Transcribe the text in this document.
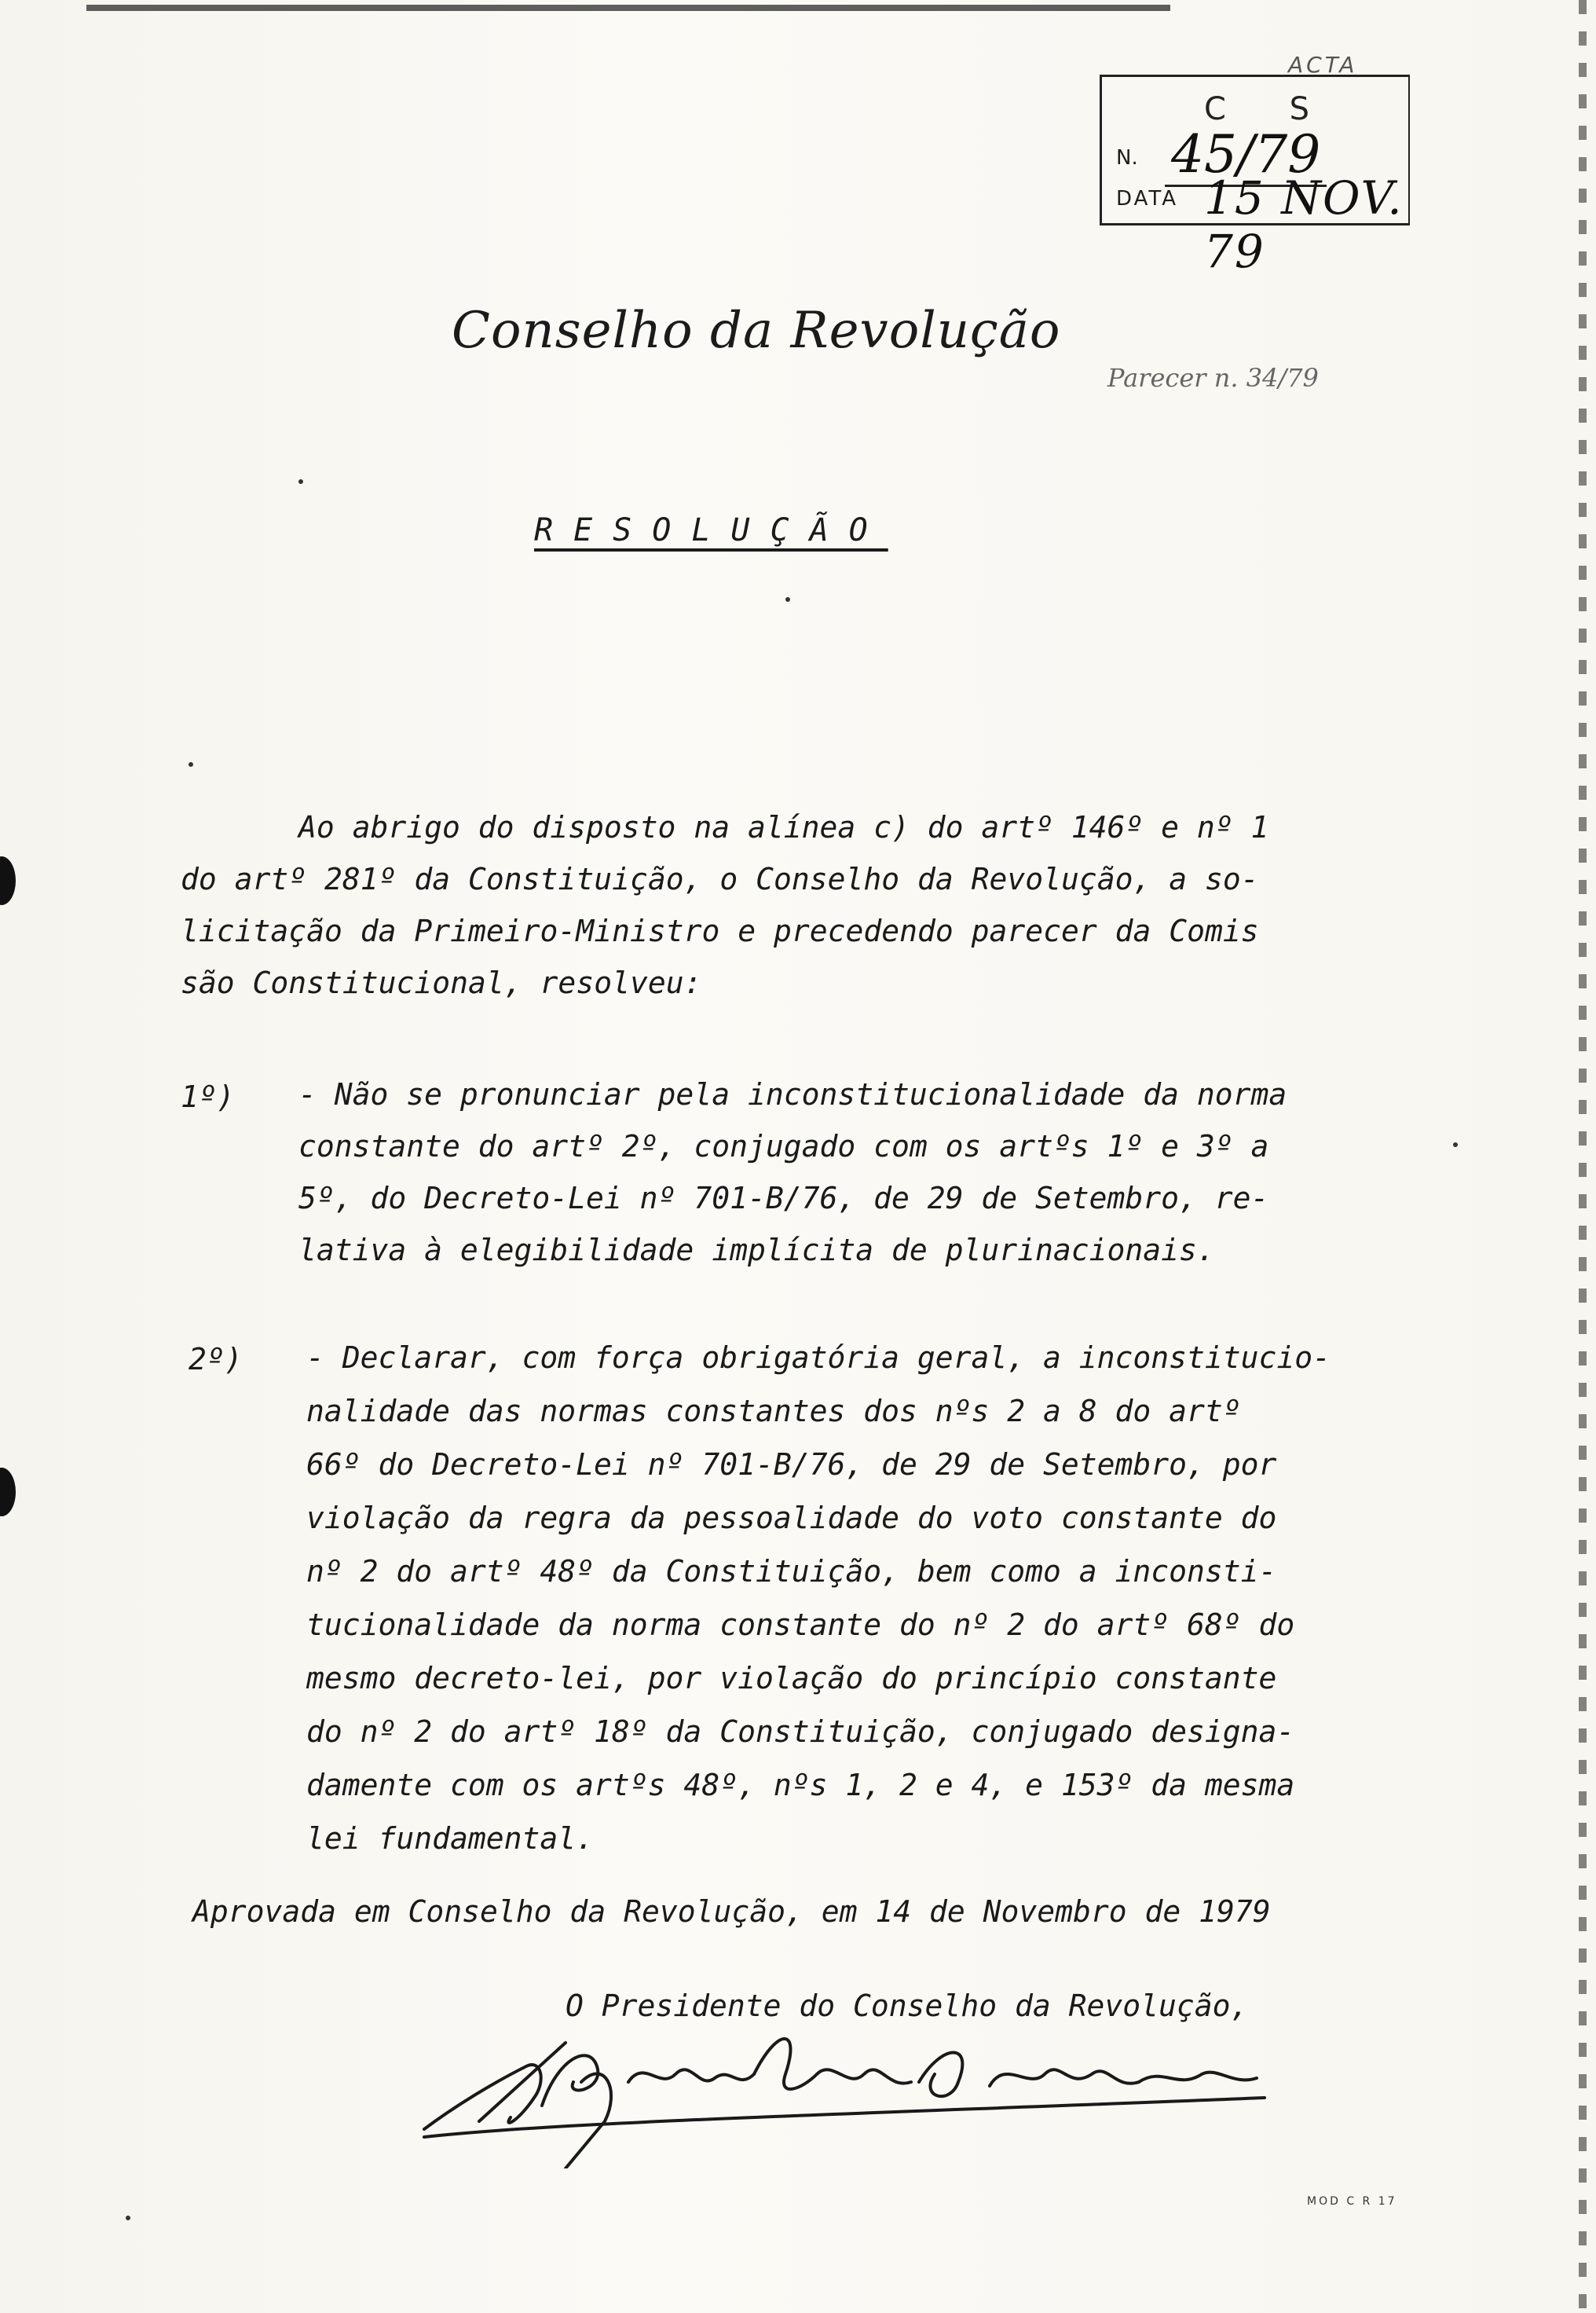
ACTA
C S
N. 45/79
DATA 15 NOV. 79
Conselho da Revolução
Parecer n. 34/79
RESOLUÇÃO
Ao abrigo do disposto na alínea c) do artº 146º e nº 1
do artº 281º da Constituição, o Conselho da Revolução, a so-
licitação da Primeiro-Ministro e precedendo parecer da Comis
são Constitucional, resolveu:
1º) - Não se pronunciar pela inconstitucionalidade da norma
constante do artº 2º, conjugado com os artºs 1º e 3º a
5º, do Decreto-Lei nº 701-B/76, de 29 de Setembro, re-
lativa à elegibilidade implícita de plurinacionais.
2º) - Declarar, com força obrigatória geral, a inconstitucio-
nalidade das normas constantes dos nºs 2 a 8 do artº
66º do Decreto-Lei nº 701-B/76, de 29 de Setembro, por
violação da regra da pessoalidade do voto constante do
nº 2 do artº 48º da Constituição, bem como a inconsti-
tucionalidade da norma constante do nº 2 do artº 68º do
mesmo decreto-lei, por violação do princípio constante
do nº 2 do artº 18º da Constituição, conjugado designa-
damente com os artºs 48º, nºs 1, 2 e 4, e 153º da mesma
lei fundamental.
Aprovada em Conselho da Revolução, em 14 de Novembro de 1979
O Presidente do Conselho da Revolução,
MOD C R 17
